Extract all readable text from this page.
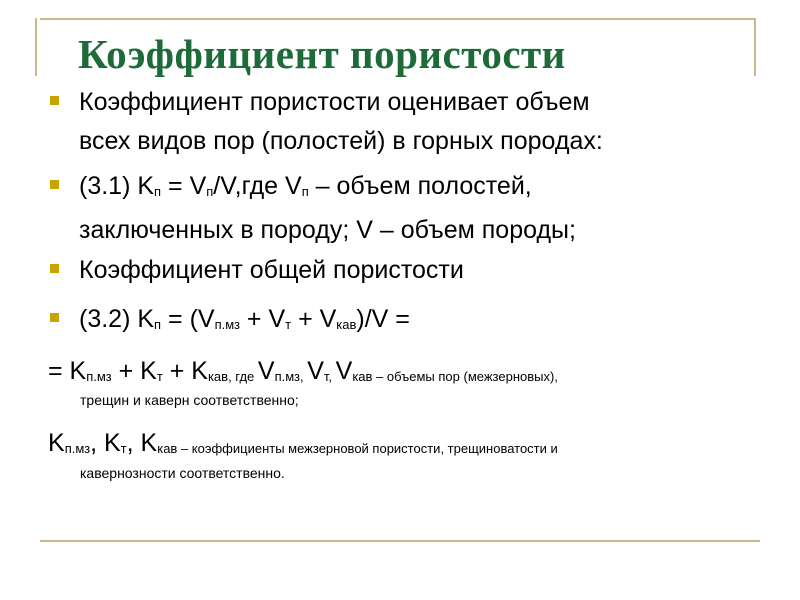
Коэффициент пористости
Коэффициент пористости оценивает объем
всех видов пор (полостей) в горных породах:
(3.1) $K_п = V_п/V,где$ $V_п$ – объем полостей,
заключенных в породу; V – объем породы;
Коэффициент общей пористости
(3.2) $K_п = (V_{п.мз} + V_т + V_{кав})/V$ =
= $K_{п.мз} + K_т + K_{кав, где}$ $V_{п.мз,}$ $V_{т,}$ $V_{кав - объемы пор (межзерновых),}$
трещин и каверн соответственно;
$K_{п.мз}$, $K_т$, $K_{кав - коэффициенты межзерновой пористости, трещиноватости и}$
кавернозности соответственно.
